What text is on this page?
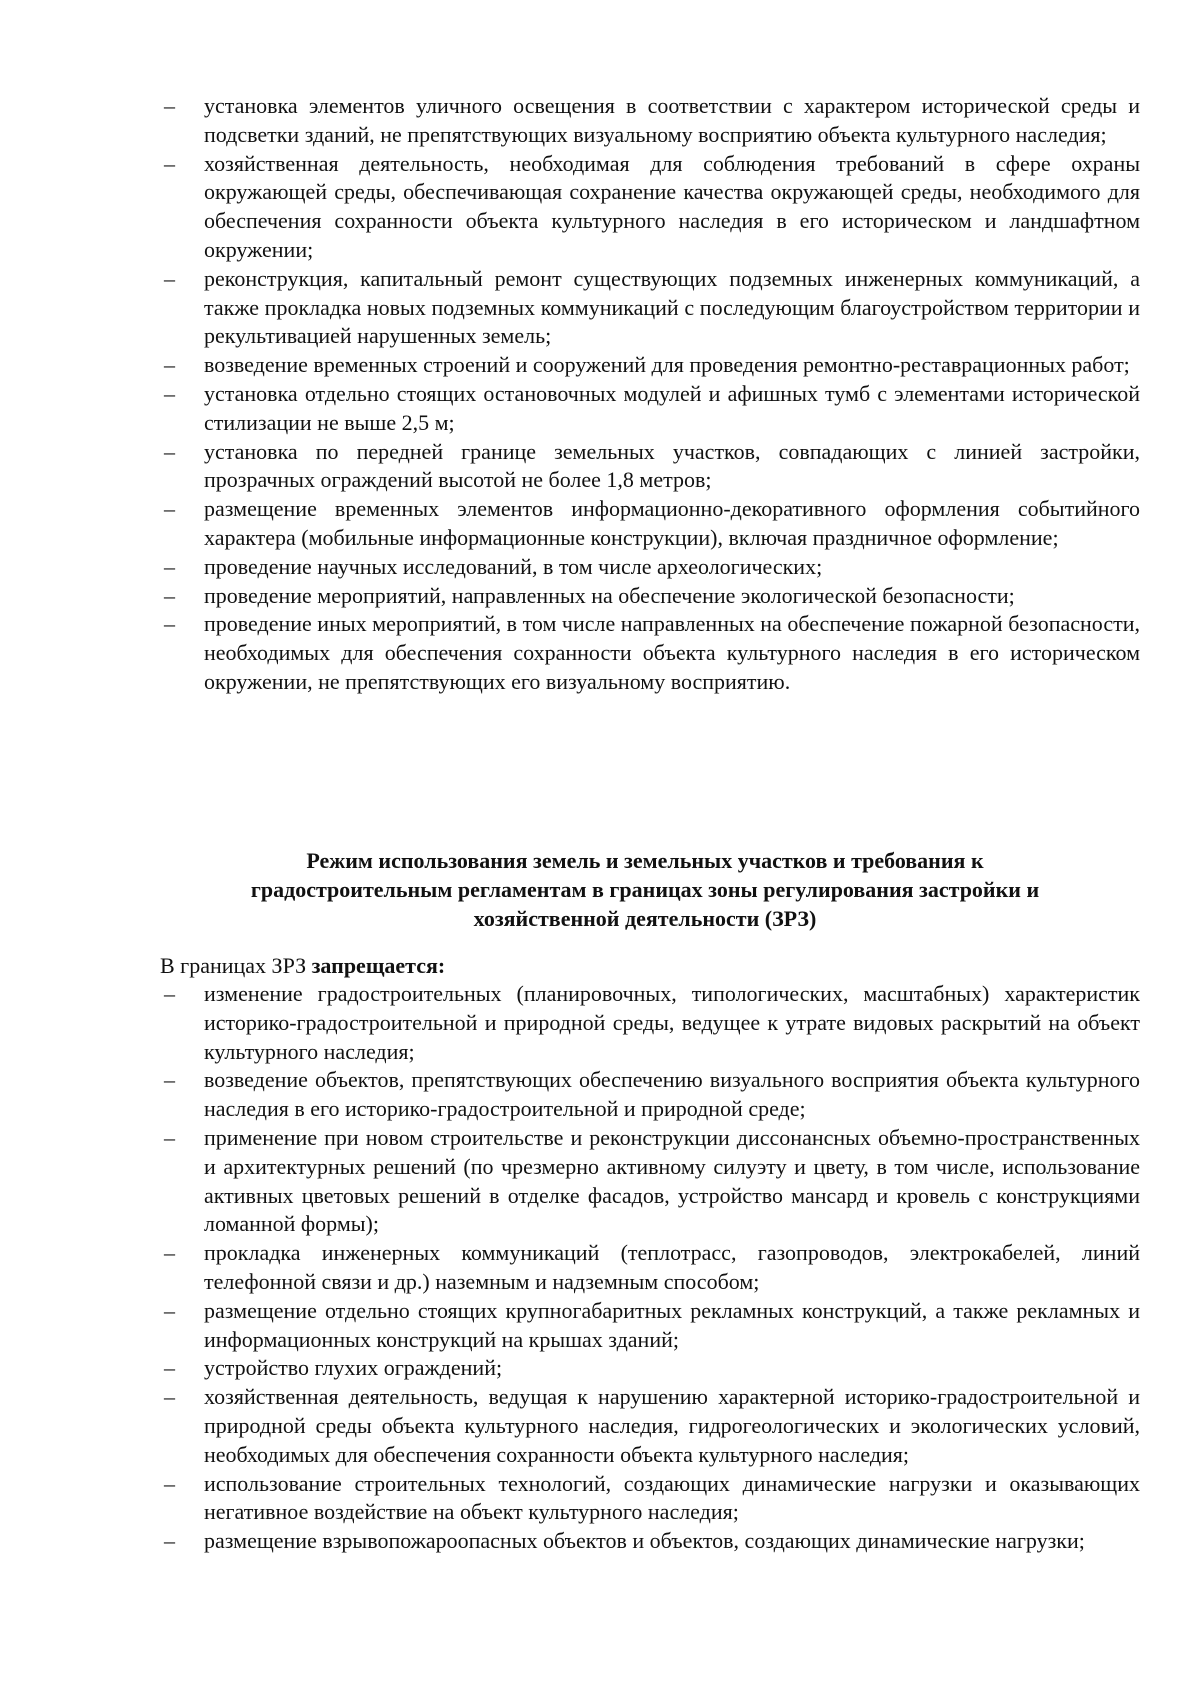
–	установка элементов уличного освещения в соответствии с характером исторической среды и подсветки зданий, не препятствующих визуальному восприятию объекта культурного наследия;
–	хозяйственная деятельность, необходимая для соблюдения требований в сфере охраны окружающей среды, обеспечивающая сохранение качества окружающей среды, необходимого для обеспечения сохранности объекта культурного наследия в его историческом и ландшафтном окружении;
–	реконструкция, капитальный ремонт существующих подземных инженерных коммуникаций, а также прокладка новых подземных коммуникаций с последующим благоустройством территории и рекультивацией нарушенных земель;
–	возведение временных строений и сооружений для проведения ремонтно-реставрационных работ;
–	установка отдельно стоящих остановочных модулей и афишных тумб с элементами исторической стилизации не выше 2,5 м;
–	установка по передней границе земельных участков, совпадающих с линией застройки, прозрачных ограждений высотой не более 1,8 метров;
–	размещение временных элементов информационно-декоративного оформления событийного характера (мобильные информационные конструкции), включая праздничное оформление;
–	проведение научных исследований, в том числе археологических;
–	проведение мероприятий, направленных на обеспечение экологической безопасности;
–	проведение иных мероприятий, в том числе направленных на обеспечение пожарной безопасности, необходимых для обеспечения сохранности объекта культурного наследия в его историческом окружении, не препятствующих его визуальному восприятию.
Режим использования земель и земельных участков и требования к
градостроительным регламентам в границах зоны регулирования застройки и
хозяйственной деятельности (ЗРЗ)

В границах ЗРЗ запрещается:

–	изменение градостроительных (планировочных, типологических, масштабных) характеристик историко-градостроительной и природной среды, ведущее к утрате видовых раскрытий на объект культурного наследия;
–	возведение объектов, препятствующих обеспечению визуального восприятия объекта культурного наследия в его историко-градостроительной и природной среде;
–	применение при новом строительстве и реконструкции диссонансных объемно-пространственных и архитектурных решений (по чрезмерно активному силуэту и цвету, в том числе, использование активных цветовых решений в отделке фасадов, устройство мансард и кровель с конструкциями ломанной формы);
–	прокладка инженерных коммуникаций (теплотрасс, газопроводов, электрокабелей, линий телефонной связи и др.) наземным и надземным способом;
–	размещение отдельно стоящих крупногабаритных рекламных конструкций, а также рекламных и информационных конструкций на крышах зданий;
–	устройство глухих ограждений;
–	хозяйственная деятельность, ведущая к нарушению характерной историко-градостроительной и природной среды объекта культурного наследия, гидрогеологических и экологических условий, необходимых для обеспечения сохранности объекта культурного наследия;
–	использование строительных технологий, создающих динамические нагрузки и оказывающих негативное воздействие на объект культурного наследия;
–	размещение взрывопожароопасных объектов и объектов, создающих динамические нагрузки;
